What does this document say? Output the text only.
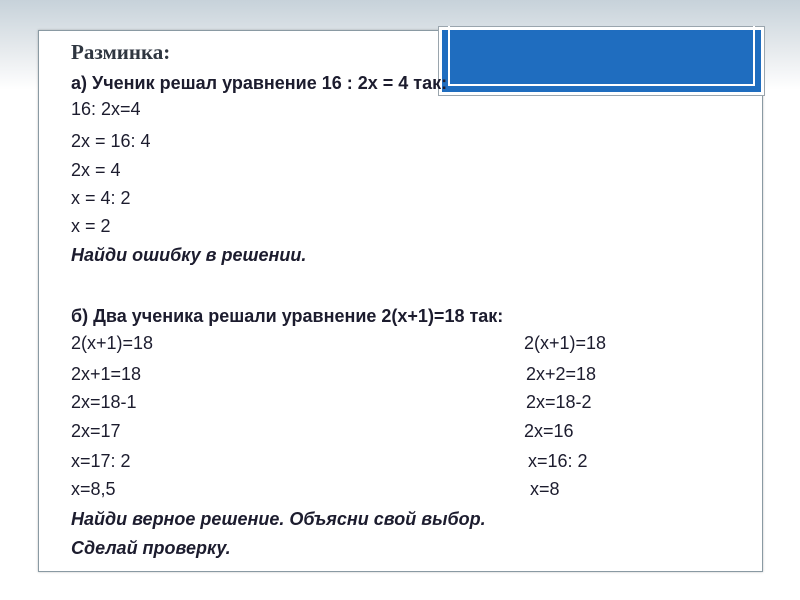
Разминка:
а) Ученик решал уравнение 16 : 2x = 4 так:
16: 2x=4
2x = 16: 4
2x = 4
x = 4: 2
x = 2
Найди ошибку в решении.
б) Два ученика решали уравнение 2(x+1)=18 так:
2(x+1)=18
2x+1=18
2x=18-1
2x=17
x=17: 2
x=8,5
2(x+1)=18
2x+2=18
2x=18-2
2x=16
x=16: 2
x=8
Найди верное решение. Объясни свой выбор.
Сделай проверку.
